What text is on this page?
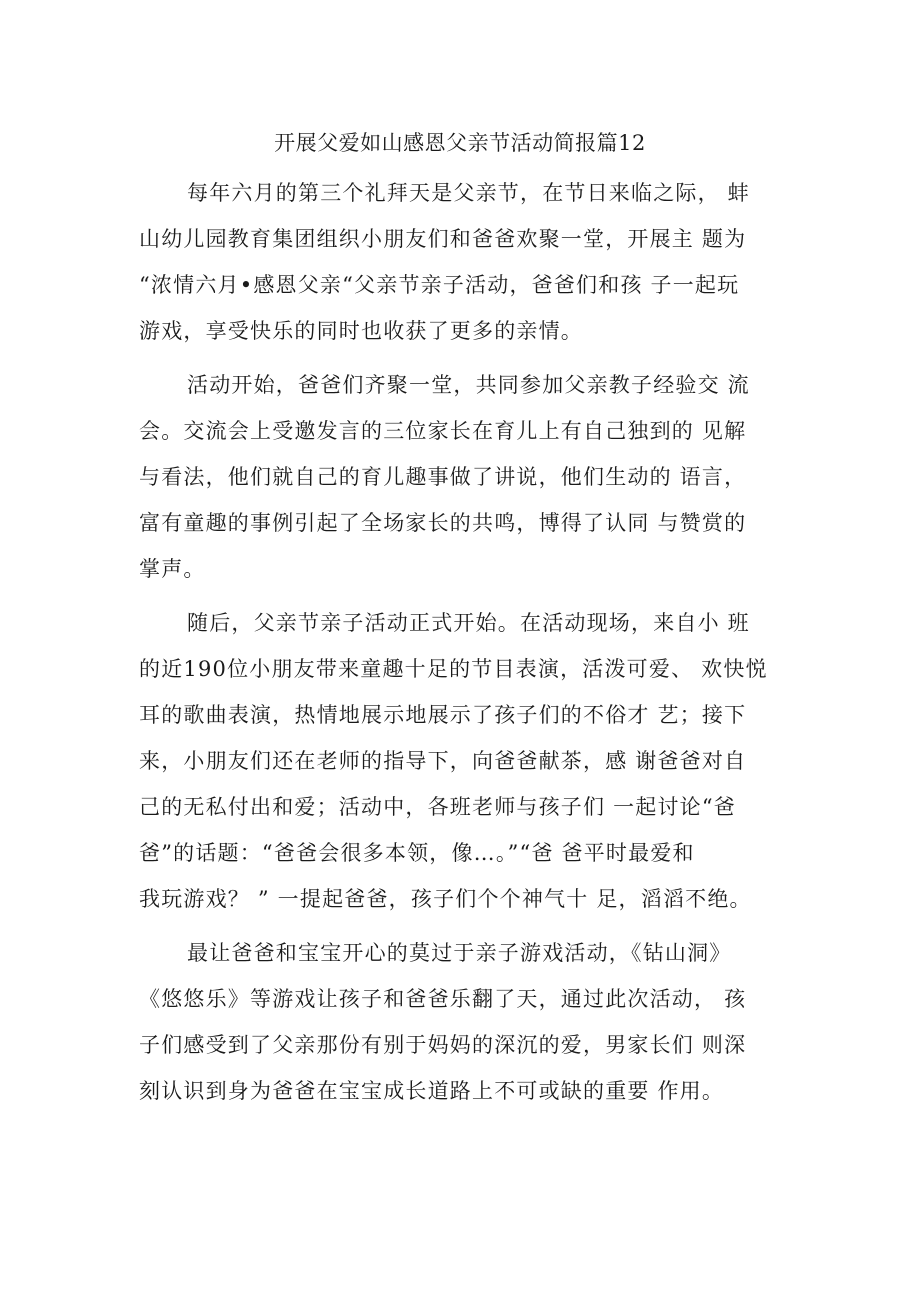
开展父爱如山感恩父亲节活动简报篇12

每年六月的第三个礼拜天是父亲节，在节日来临之际， 蚌
山幼儿园教育集团组织小朋友们和爸爸欢聚一堂，开展主 题为
“浓情六月•感恩父亲“父亲节亲子活动，爸爸们和孩 子一起玩
游戏，享受快乐的同时也收获了更多的亲情。

活动开始，爸爸们齐聚一堂，共同参加父亲教子经验交 流
会。交流会上受邀发言的三位家长在育儿上有自己独到的 见解
与看法，他们就自己的育儿趣事做了讲说，他们生动的 语言，
富有童趣的事例引起了全场家长的共鸣，博得了认同 与赞赏的
掌声。

随后，父亲节亲子活动正式开始。在活动现场，来自小 班
的近190位小朋友带来童趣十足的节目表演，活泼可爱、 欢快悦
耳的歌曲表演，热情地展示地展示了孩子们的不俗才 艺；接下
来，小朋友们还在老师的指导下，向爸爸献茶，感 谢爸爸对自
己的无私付出和爱；活动中，各班老师与孩子们 一起讨论“爸
爸”的话题：“爸爸会很多本领，像…。”“爸 爸平时最爱和
我玩游戏？ ” 一提起爸爸，孩子们个个神气十 足，滔滔不绝。

最让爸爸和宝宝开心的莫过于亲子游戏活动，《钻山洞》
《悠悠乐》等游戏让孩子和爸爸乐翻了天，通过此次活动， 孩
子们感受到了父亲那份有别于妈妈的深沉的爱，男家长们 则深
刻认识到身为爸爸在宝宝成长道路上不可或缺的重要 作用。
